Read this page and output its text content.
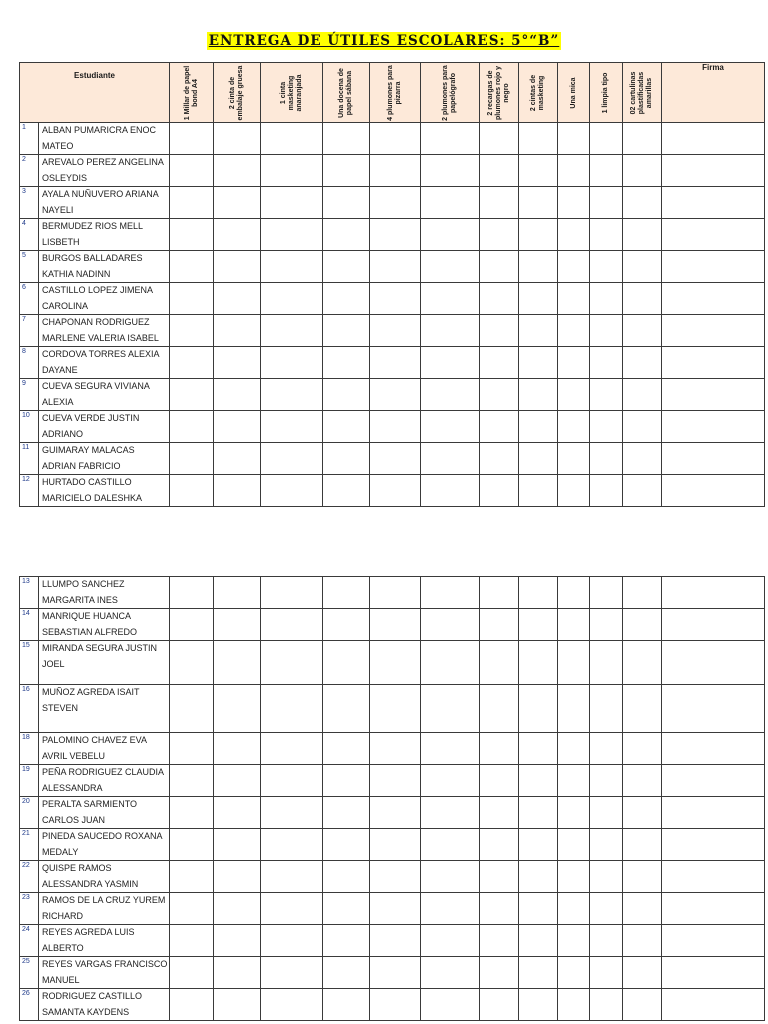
ENTREGA DE ÚTILES ESCOLARES: 5°“B”
Estudiante		1 Millar de papel bond A4	2 cinta de embalaje gruesa	1 cinta masketing anaranjada	Una docena de papel sábana	4 plumones para pizarra	2 plumones para papelógrafo	2 recargas de plumones rojo y negro	2 cintas de masketing	Una mica	1 limpia tipo	02 cartulinas plastificadas amarillas	Firma
1	ALBAN PUMARICRA ENOC MATEO												
2	AREVALO PEREZ ANGELINA OSLEYDIS												
3	AYALA NUÑUVERO ARIANA NAYELI												
4	BERMUDEZ RIOS MELL LISBETH												
5	BURGOS BALLADARES KATHIA NADINN												
6	CASTILLO LOPEZ JIMENA CAROLINA												
7	CHAPONAN RODRIGUEZ MARLENE VALERIA ISABEL												
8	CORDOVA TORRES ALEXIA DAYANE												
9	CUEVA SEGURA VIVIANA ALEXIA												
10	CUEVA VERDE JUSTIN ADRIANO												
11	GUIMARAY MALACAS ADRIAN FABRICIO												
12	HURTADO CASTILLO MARICIELO DALESHKA												
13	LLUMPO SANCHEZ MARGARITA INES												
14	MANRIQUE HUANCA SEBASTIAN ALFREDO												
15	MIRANDA SEGURA JUSTIN JOEL												
16	MUÑOZ AGREDA ISAIT STEVEN												
18	PALOMINO CHAVEZ EVA AVRIL VEBELU												
19	PEÑA RODRIGUEZ CLAUDIA ALESSANDRA												
20	PERALTA SARMIENTO CARLOS JUAN												
21	PINEDA SAUCEDO ROXANA MEDALY												
22	QUISPE RAMOS ALESSANDRA YASMIN												
23	RAMOS DE LA CRUZ YUREM RICHARD												
24	REYES AGREDA LUIS ALBERTO												
25	REYES VARGAS FRANCISCO MANUEL												
26	RODRIGUEZ CASTILLO SAMANTA KAYDENS												
